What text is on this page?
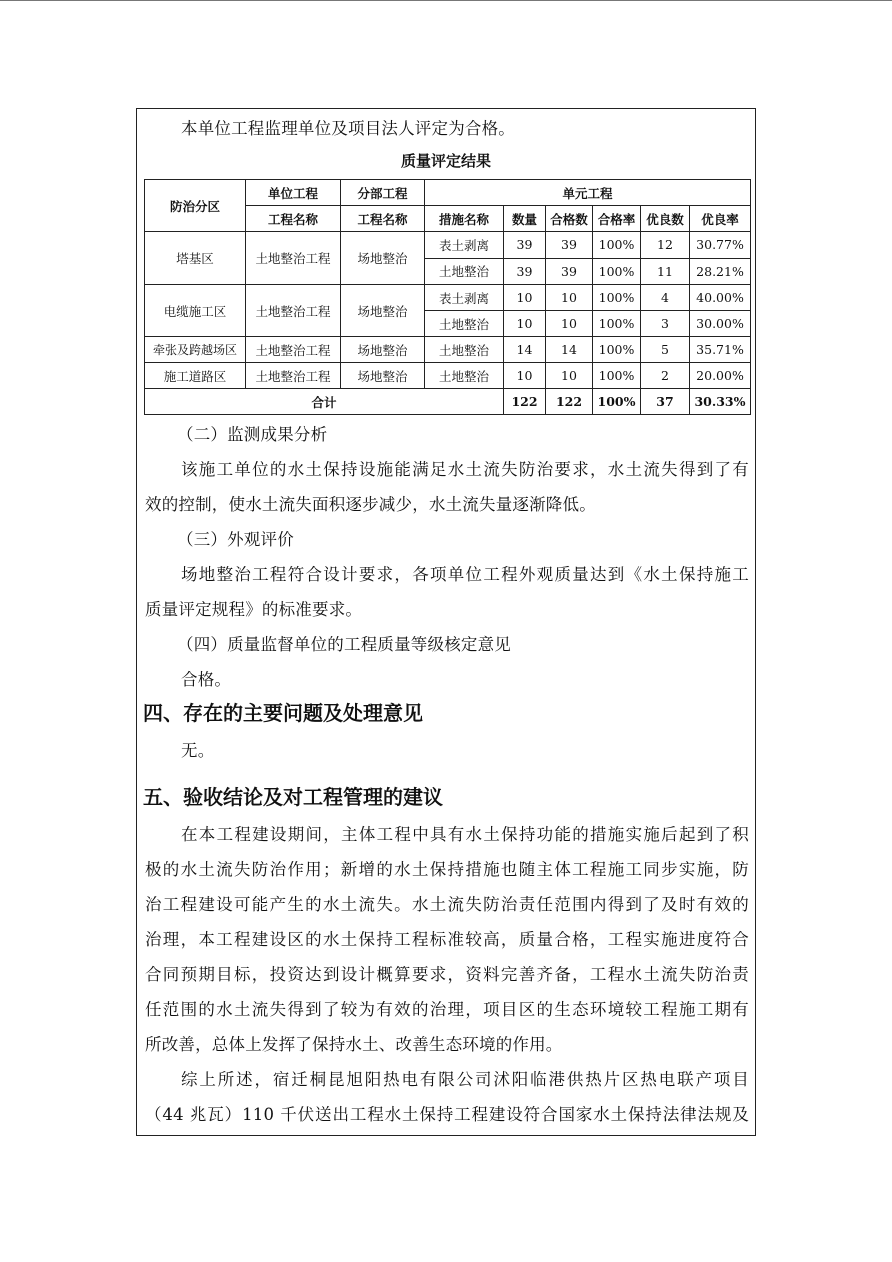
本单位工程监理单位及项目法人评定为合格。
质量评定结果
防治分区	单位工程	分部工程	单元工程					
	工程名称	工程名称	措施名称	数量	合格数	合格率	优良数	优良率
塔基区	土地整治工程	场地整治	表土剥离	39	39	100%	12	30.77%
			土地整治	39	39	100%	11	28.21%
电缆施工区	土地整治工程	场地整治	表土剥离	10	10	100%	4	40.00%
			土地整治	10	10	100%	3	30.00%
牵张及跨越场区	土地整治工程	场地整治	土地整治	14	14	100%	5	35.71%
施工道路区	土地整治工程	场地整治	土地整治	10	10	100%	2	20.00%
合计				122	122	100%	37	30.33%
（二）监测成果分析
该施工单位的水土保持设施能满足水土流失防治要求，水土流失得到了有
效的控制，使水土流失面积逐步减少，水土流失量逐渐降低。
（三）外观评价
场地整治工程符合设计要求，各项单位工程外观质量达到《水土保持施工
质量评定规程》的标准要求。
（四）质量监督单位的工程质量等级核定意见
合格。
四、存在的主要问题及处理意见
无。
五、验收结论及对工程管理的建议
在本工程建设期间，主体工程中具有水土保持功能的措施实施后起到了积
极的水土流失防治作用；新增的水土保持措施也随主体工程施工同步实施，防
治工程建设可能产生的水土流失。水土流失防治责任范围内得到了及时有效的
治理，本工程建设区的水土保持工程标准较高，质量合格，工程实施进度符合
合同预期目标，投资达到设计概算要求，资料完善齐备，工程水土流失防治责
任范围的水土流失得到了较为有效的治理，项目区的生态环境较工程施工期有
所改善，总体上发挥了保持水土、改善生态环境的作用。
综上所述，宿迁桐昆旭阳热电有限公司沭阳临港供热片区热电联产项目
（44 兆瓦）110 千伏送出工程水土保持工程建设符合国家水土保持法律法规及
